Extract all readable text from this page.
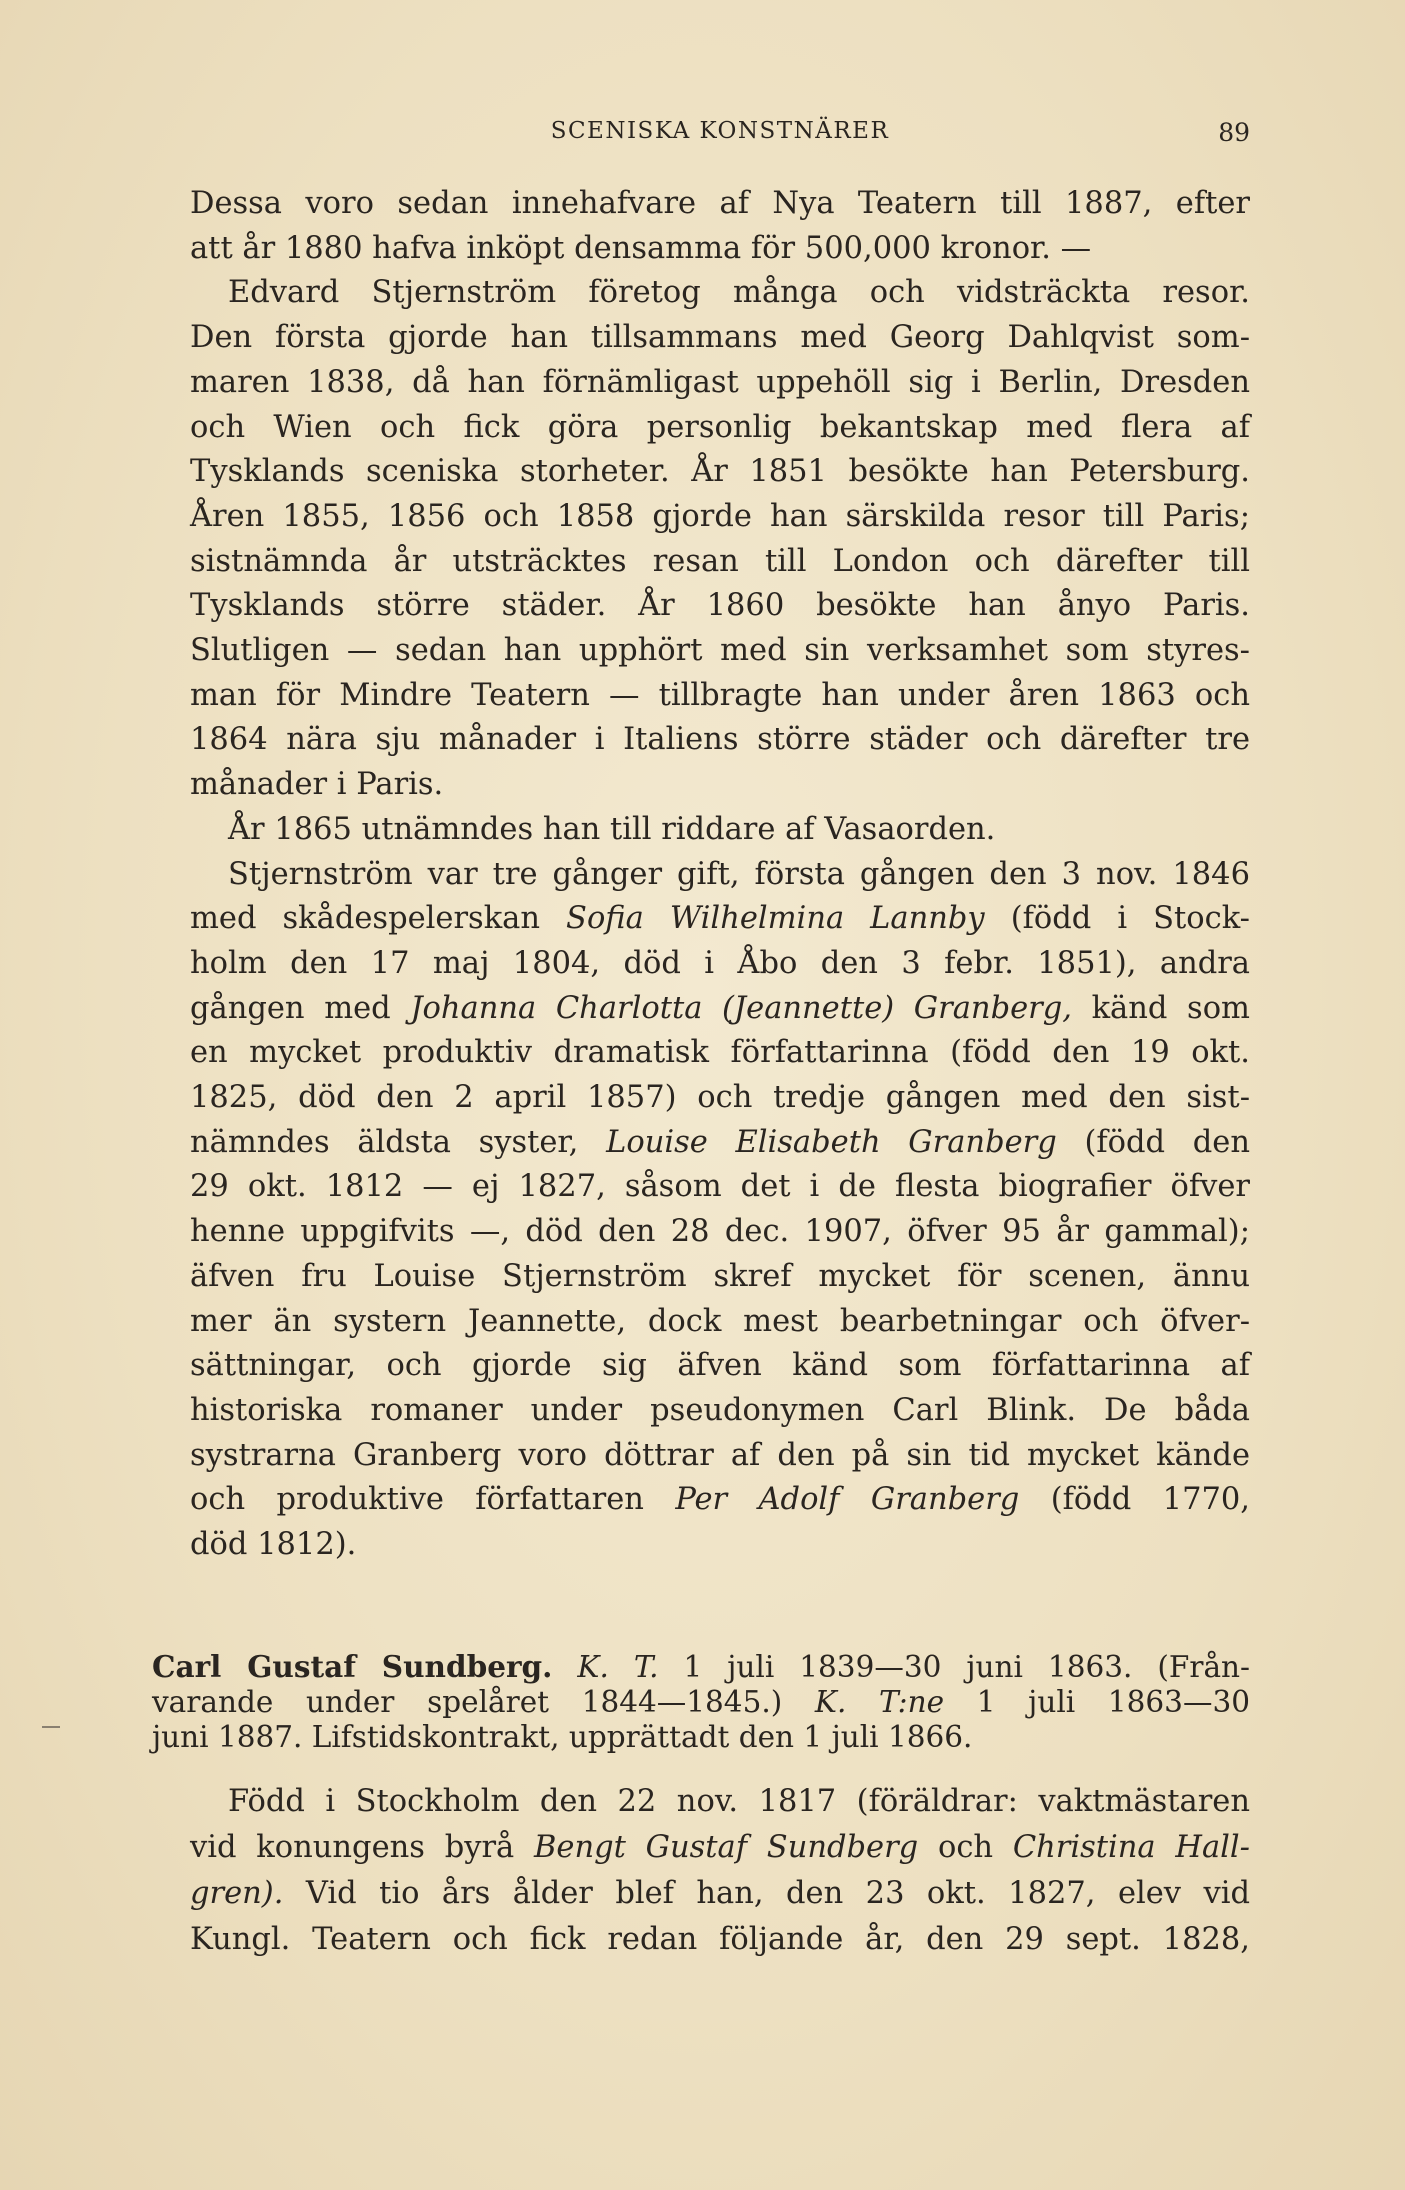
SCENISKA KONSTNÄRER	89
Dessa voro sedan innehafvare af Nya Teatern till 1887, efter
att år 1880 hafva inköpt densamma för 500,000 kronor. —
Edvard Stjernström företog många och vidsträckta resor.
Den första gjorde han tillsammans med Georg Dahlqvist som-
maren 1838, då han förnämligast uppehöll sig i Berlin, Dresden
och Wien och fick göra personlig bekantskap med flera af
Tysklands sceniska storheter. År 1851 besökte han Petersburg.
Åren 1855, 1856 och 1858 gjorde han särskilda resor till Paris;
sistnämnda år utsträcktes resan till London och därefter till
Tysklands större städer. År 1860 besökte han ånyo Paris.
Slutligen — sedan han upphört med sin verksamhet som styres-
man för Mindre Teatern — tillbragte han under åren 1863 och
1864 nära sju månader i Italiens större städer och därefter tre
månader i Paris.
År 1865 utnämndes han till riddare af Vasaorden.
Stjernström var tre gånger gift, första gången den 3 nov. 1846
med skådespelerskan Sofia Wilhelmina Lannby (född i Stock-
holm den 17 maj 1804, död i Åbo den 3 febr. 1851), andra
gången med Johanna Charlotta (Jeannette) Granberg, känd som
en mycket produktiv dramatisk författarinna (född den 19 okt.
1825, död den 2 april 1857) och tredje gången med den sist-
nämndes äldsta syster, Louise Elisabeth Granberg (född den
29 okt. 1812 — ej 1827, såsom det i de flesta biografier öfver
henne uppgifvits —, död den 28 dec. 1907, öfver 95 år gammal);
äfven fru Louise Stjernström skref mycket för scenen, ännu
mer än systern Jeannette, dock mest bearbetningar och öfver-
sättningar, och gjorde sig äfven känd som författarinna af
historiska romaner under pseudonymen Carl Blink. De båda
systrarna Granberg voro döttrar af den på sin tid mycket kände
och produktive författaren Per Adolf Granberg (född 1770,
död 1812).
Carl Gustaf Sundberg. K. T. 1 juli 1839—30 juni 1863. (Från-
varande under spelåret 1844—1845.) K. T:ne 1 juli 1863—30
juni 1887. Lifstidskontrakt, upprättadt den 1 juli 1866.
Född i Stockholm den 22 nov. 1817 (föräldrar: vaktmästaren
vid konungens byrå Bengt Gustaf Sundberg och Christina Hall-
gren). Vid tio års ålder blef han, den 23 okt. 1827, elev vid
Kungl. Teatern och fick redan följande år, den 29 sept. 1828,
